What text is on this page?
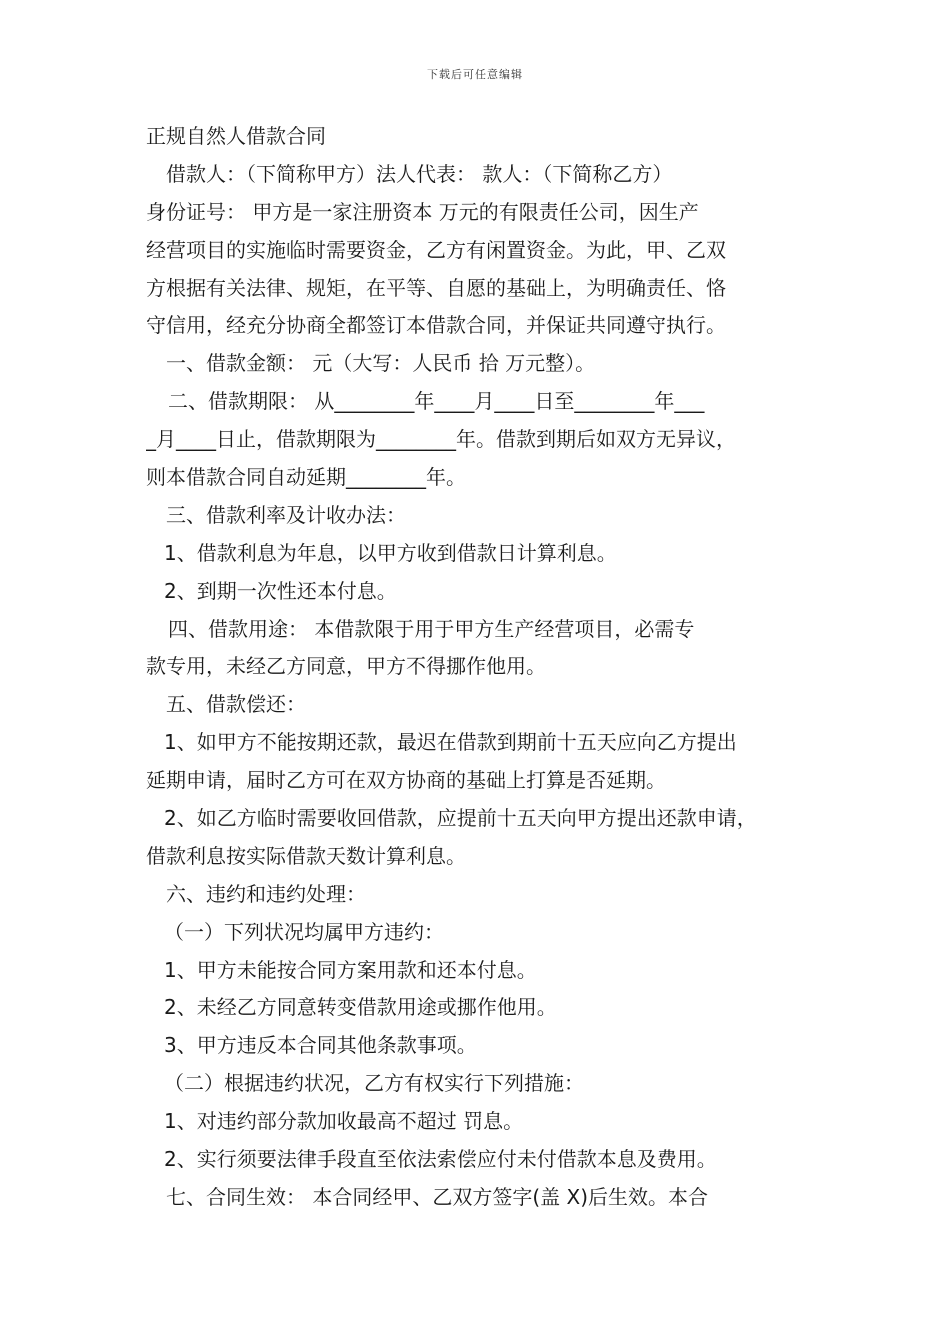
下载后可任意编辑
正规自然人借款合同
借款人：（下简称甲方）法人代表： 款人：（下简称乙方）
身份证号： 甲方是一家注册资本 万元的有限责任公司，因生产
经营项目的实施临时需要资金，乙方有闲置资金。为此，甲、乙双
方根据有关法律、规矩，在平等、自愿的基础上，为明确责任、恪
守信用，经充分协商全都签订本借款合同，并保证共同遵守执行。
一、借款金额： 元（大写：人民币 拾 万元整）。
二、借款期限： 从________年____月____日至________年___
_月____日止，借款期限为________年。借款到期后如双方无异议，
则本借款合同自动延期________年。
三、借款利率及计收办法：
1、借款利息为年息，以甲方收到借款日计算利息。
2、到期一次性还本付息。
四、借款用途： 本借款限于用于甲方生产经营项目，必需专
款专用，未经乙方同意，甲方不得挪作他用。
五、借款偿还：
1、如甲方不能按期还款，最迟在借款到期前十五天应向乙方提出
延期申请，届时乙方可在双方协商的基础上打算是否延期。
2、如乙方临时需要收回借款，应提前十五天向甲方提出还款申请，
借款利息按实际借款天数计算利息。
六、违约和违约处理：
（一）下列状况均属甲方违约：
1、甲方未能按合同方案用款和还本付息。
2、未经乙方同意转变借款用途或挪作他用。
3、甲方违反本合同其他条款事项。
（二）根据违约状况，乙方有权实行下列措施：
1、对违约部分款加收最高不超过 罚息。
2、实行须要法律手段直至依法索偿应付未付借款本息及费用。
七、合同生效： 本合同经甲、乙双方签字(盖 X)后生效。本合
